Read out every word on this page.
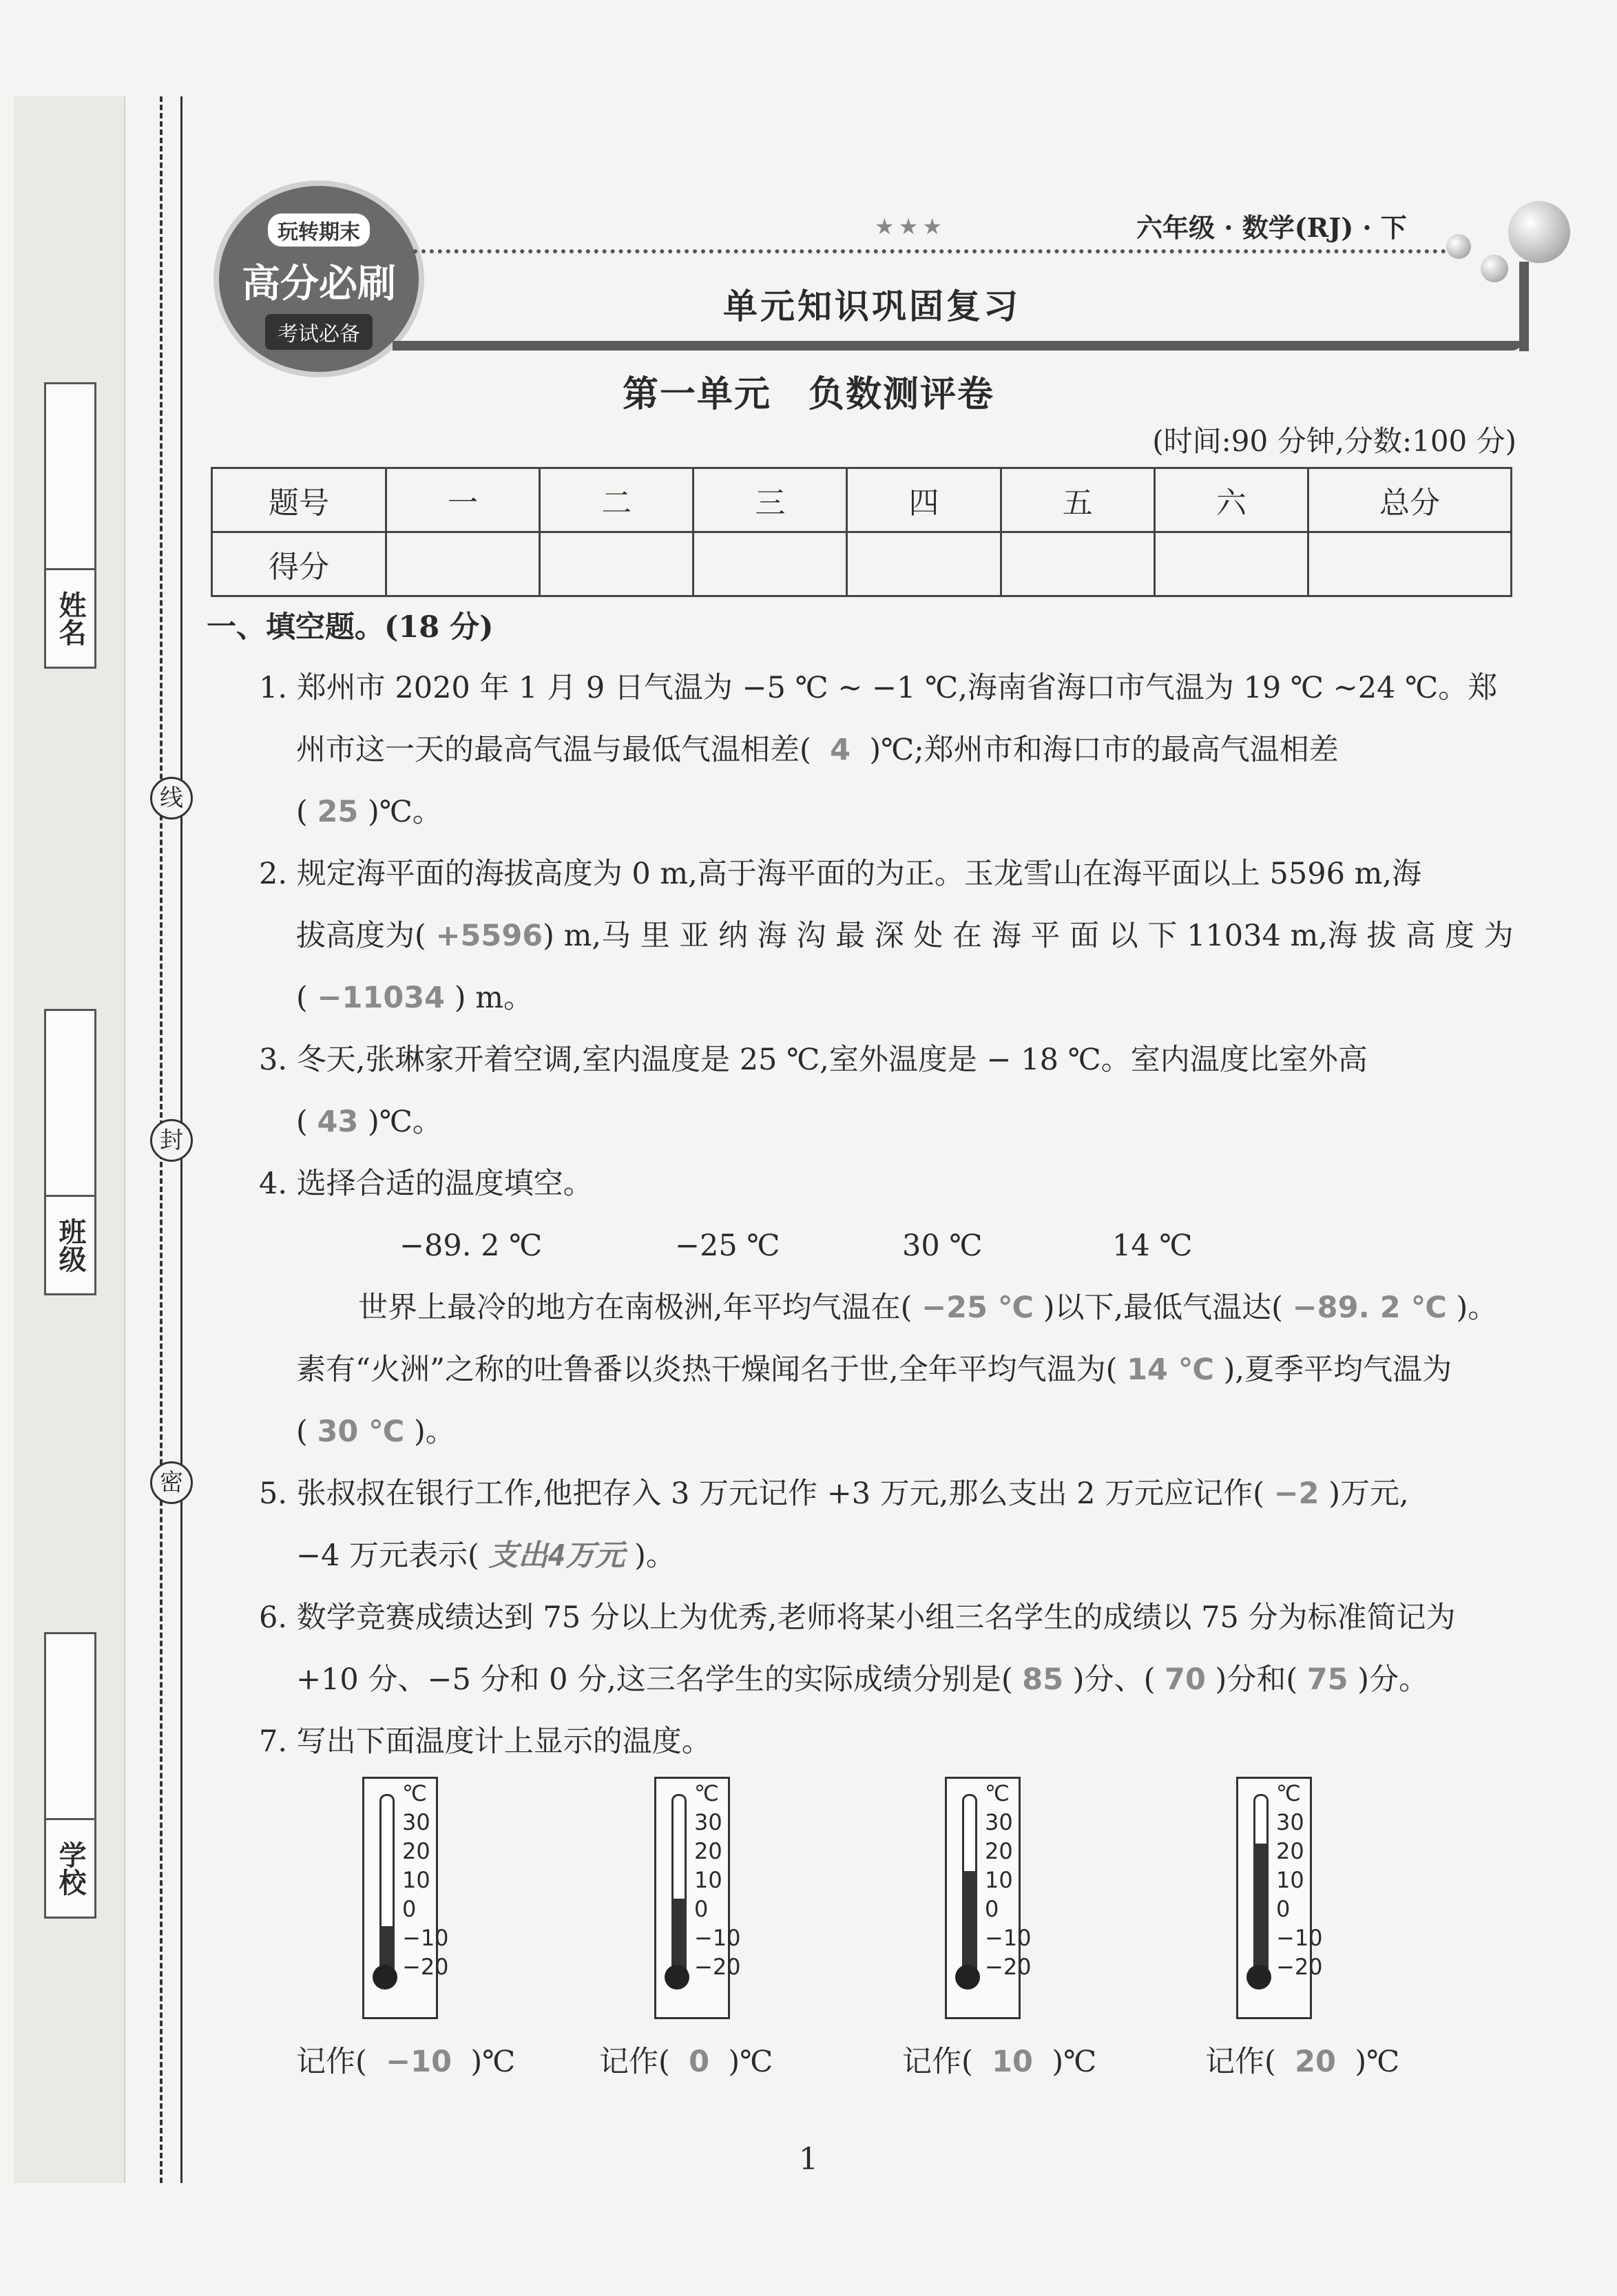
姓名
班级
学校
线
封
密
玩转期末

高分必刷
考试必备
★★★	六年级 · 数学(RJ) · 下
单元知识巩固复习
第一单元　负数测评卷
(时间:90 分钟,分数:100 分)
题号	一	二	三	四	五	六	总分
得分							
一、填空题。(18 分)
1. 郑州市 2020 年 1 月 9 日气温为 −5 ℃ ~ −1 ℃,海南省海口市气温为 19 ℃ ~24 ℃。郑
州市这一天的最高气温与最低气温相差( 4 )℃;郑州市和海口市的最高气温相差
( 25 )℃。
2. 规定海平面的海拔高度为 0 m,高于海平面的为正。玉龙雪山在海平面以上 5596 m,海
拔高度为( +5596) m,马 里 亚 纳 海 沟 最 深 处 在 海 平 面 以 下 11034 m,海 拔 高 度 为
( −11034 ) m。
3. 冬天,张琳家开着空调,室内温度是 25 ℃,室外温度是 − 18 ℃。室内温度比室外高
( 43 )℃。
4. 选择合适的温度填空。
−89. 2 ℃	−25 ℃	30 ℃	14 ℃
世界上最冷的地方在南极洲,年平均气温在( −25 ℃ )以下,最低气温达( −89. 2 ℃ )。
素有“火洲”之称的吐鲁番以炎热干燥闻名于世,全年平均气温为( 14 ℃ ),夏季平均气温为
( 30 ℃ )。
5. 张叔叔在银行工作,他把存入 3 万元记作 +3 万元,那么支出 2 万元应记作( −2 )万元,
−4 万元表示( 支出4万元 )。
6. 数学竞赛成绩达到 75 分以上为优秀,老师将某小组三名学生的成绩以 75 分为标准简记为
+10 分、−5 分和 0 分,这三名学生的实际成绩分别是( 85 )分、( 70 )分和( 75 )分。
7. 写出下面温度计上显示的温度。
℃
30
20
10
0
−10
−20
记作( −10 )℃
℃
30
20
10
0
−10
−20
记作( 0 )℃
℃
30
20
10
0
−10
−20
记作( 10 )℃
℃
30
20
10
0
−10
−20
记作( 20 )℃
1
